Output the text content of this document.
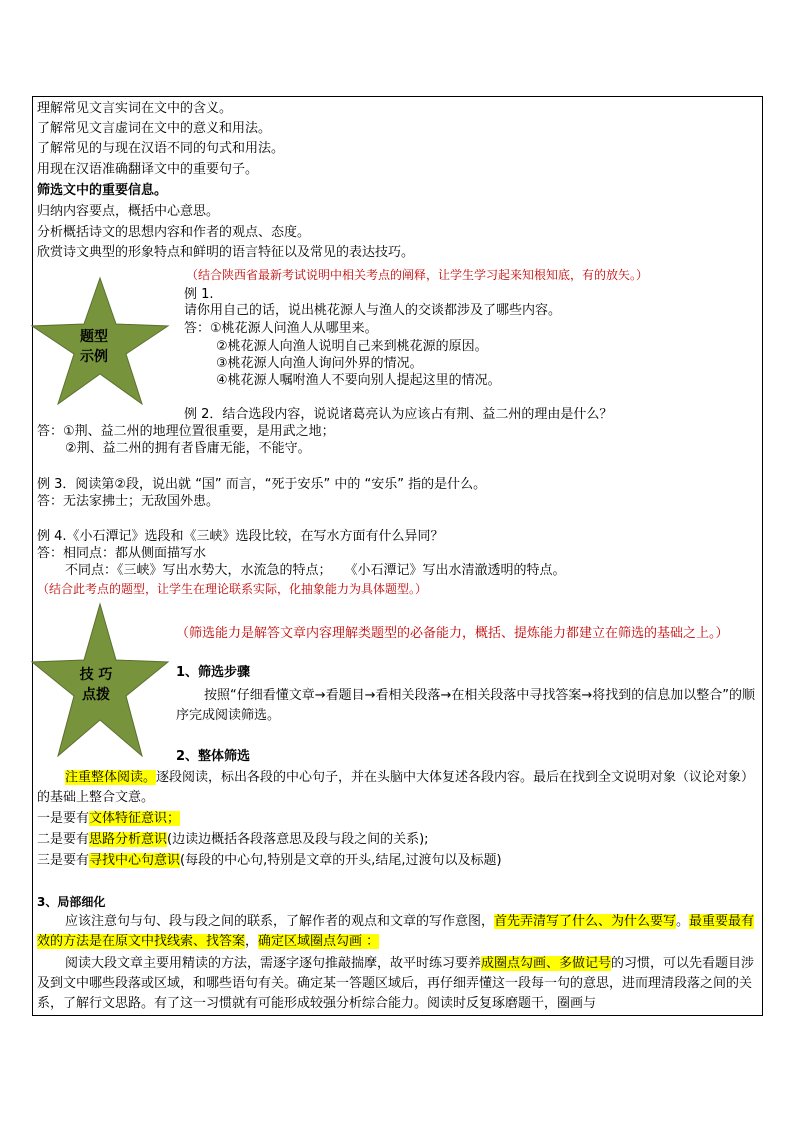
理解常见文言实词在文中的含义。
了解常见文言虚词在文中的意义和用法。
了解常见的与现在汉语不同的句式和用法。
用现在汉语准确翻译文中的重要句子。
筛选文中的重要信息。
归纳内容要点，概括中心意思。
分析概括诗文的思想内容和作者的观点、态度。
欣赏诗文典型的形象特点和鲜明的语言特征以及常见的表达技巧。
（结合陕西省最新考试说明中相关考点的阐释，让学生学习起来知根知底，有的放矢。）
题型
示例
例 1.
请你用自己的话，说出桃花源人与渔人的交谈都涉及了哪些内容。
答：①桃花源人问渔人从哪里来。
②桃花源人向渔人说明自己来到桃花源的原因。
③桃花源人向渔人询问外界的情况。
④桃花源人嘱咐渔人不要向别人提起这里的情况。
例 2．结合选段内容，说说诸葛亮认为应该占有荆、益二州的理由是什么？
答：①荆、益二州的地理位置很重要，是用武之地；
②荆、益二州的拥有者昏庸无能，不能守。
例 3．阅读第②段，说出就 “国” 而言，“死于安乐” 中的 “安乐” 指的是什么。
答：无法家拂士；无敌国外患。
例 4.《小石潭记》选段和《三峡》选段比较，在写水方面有什么异同？
答：相同点：都从侧面描写水
不同点：《三峡》写出水势大，水流急的特点；　　《小石潭记》写出水清澈透明的特点。
（结合此考点的题型，让学生在理论联系实际，化抽象能力为具体题型。）
技 巧
点拨
（筛选能力是解答文章内容理解类题型的必备能力，概括、提炼能力都建立在筛选的基础之上。）
1、筛选步骤
按照“仔细看懂文章→看题目→看相关段落→在相关段落中寻找答案→将找到的信息加以整合”的顺序完成阅读筛选。
2、整体筛选
注重整体阅读。逐段阅读，标出各段的中心句子，并在头脑中大体复述各段内容。最后在找到全文说明对象（议论对象）的基础上整合文意。
一是要有文体特征意识；
二是要有思路分析意识(边读边概括各段落意思及段与段之间的关系);
三是要有寻找中心句意识(每段的中心句,特别是文章的开头,结尾,过渡句以及标题)
3、局部细化
应该注意句与句、段与段之间的联系，了解作者的观点和文章的写作意图，首先弄清写了什么、为什么要写。最重要最有效的方法是在原文中找线索、找答案，确定区域圈点勾画 ：
阅读大段文章主要用精读的方法，需逐字逐句推敲揣摩，故平时练习要养成圈点勾画、多做记号的习惯，可以先看题目涉及到文中哪些段落或区域，和哪些语句有关。确定某一答题区域后，再仔细弄懂这一段每一句的意思，进而理清段落之间的关系，了解行文思路。有了这一习惯就有可能形成较强分析综合能力。阅读时反复琢磨题干，圈画与
